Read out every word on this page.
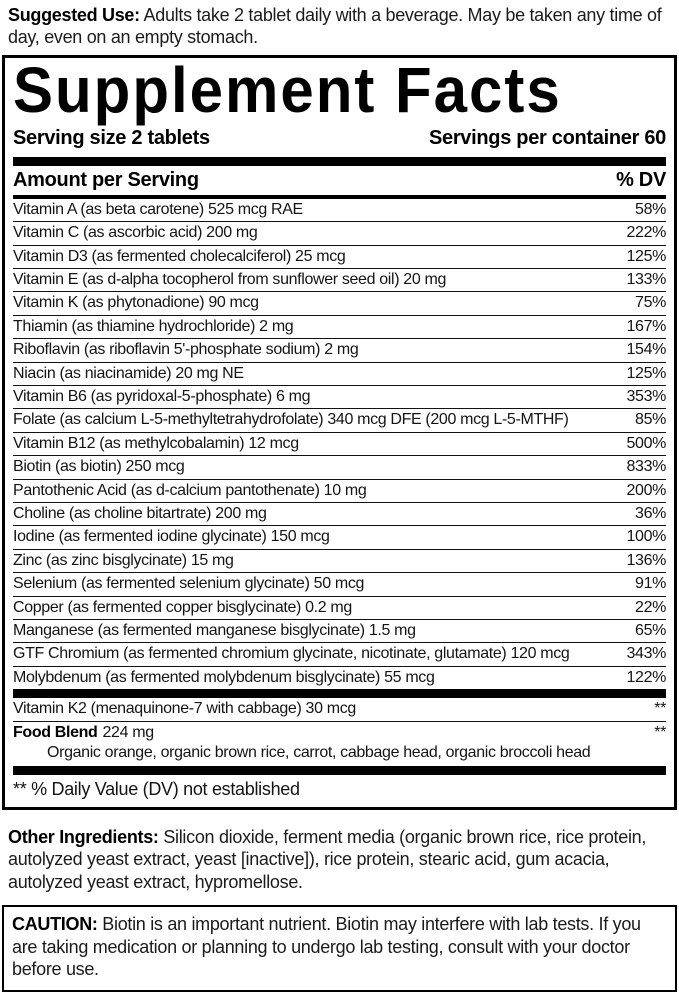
Suggested Use: Adults take 2 tablet daily with a beverage. May be taken any time of day, even on an empty stomach.

Supplement Facts
Serving size 2 tablets	Servings per container 60
Amount per Serving	% DV
Vitamin A (as beta carotene) 525 mcg RAE	58%
Vitamin C (as ascorbic acid) 200 mg	222%
Vitamin D3 (as fermented cholecalciferol) 25 mcg	125%
Vitamin E (as d-alpha tocopherol from sunflower seed oil) 20 mg	133%
Vitamin K (as phytonadione) 90 mcg	75%
Thiamin (as thiamine hydrochloride) 2 mg	167%
Riboflavin (as riboflavin 5'-phosphate sodium) 2 mg	154%
Niacin (as niacinamide) 20 mg NE	125%
Vitamin B6 (as pyridoxal-5-phosphate) 6 mg	353%
Folate (as calcium L-5-methyltetrahydrofolate) 340 mcg DFE (200 mcg L-5-MTHF)	85%
Vitamin B12 (as methylcobalamin) 12 mcg	500%
Biotin (as biotin) 250 mcg	833%
Pantothenic Acid (as d-calcium pantothenate) 10 mg	200%
Choline (as choline bitartrate) 200 mg	36%
Iodine (as fermented iodine glycinate) 150 mcg	100%
Zinc (as zinc bisglycinate) 15 mg	136%
Selenium (as fermented selenium glycinate) 50 mcg	91%
Copper (as fermented copper bisglycinate) 0.2 mg	22%
Manganese (as fermented manganese bisglycinate) 1.5 mg	65%
GTF Chromium (as fermented chromium glycinate, nicotinate, glutamate) 120 mcg	343%
Molybdenum (as fermented molybdenum bisglycinate) 55 mcg	122%
Vitamin K2 (menaquinone-7 with cabbage) 30 mcg	**
Food Blend 224 mg	**
Organic orange, organic brown rice, carrot, cabbage head, organic broccoli head
** % Daily Value (DV) not established

Other Ingredients: Silicon dioxide, ferment media (organic brown rice, rice protein, autolyzed yeast extract, yeast [inactive]), rice protein, stearic acid, gum acacia, autolyzed yeast extract, hypromellose.

CAUTION: Biotin is an important nutrient. Biotin may interfere with lab tests. If you are taking medication or planning to undergo lab testing, consult with your doctor before use.
